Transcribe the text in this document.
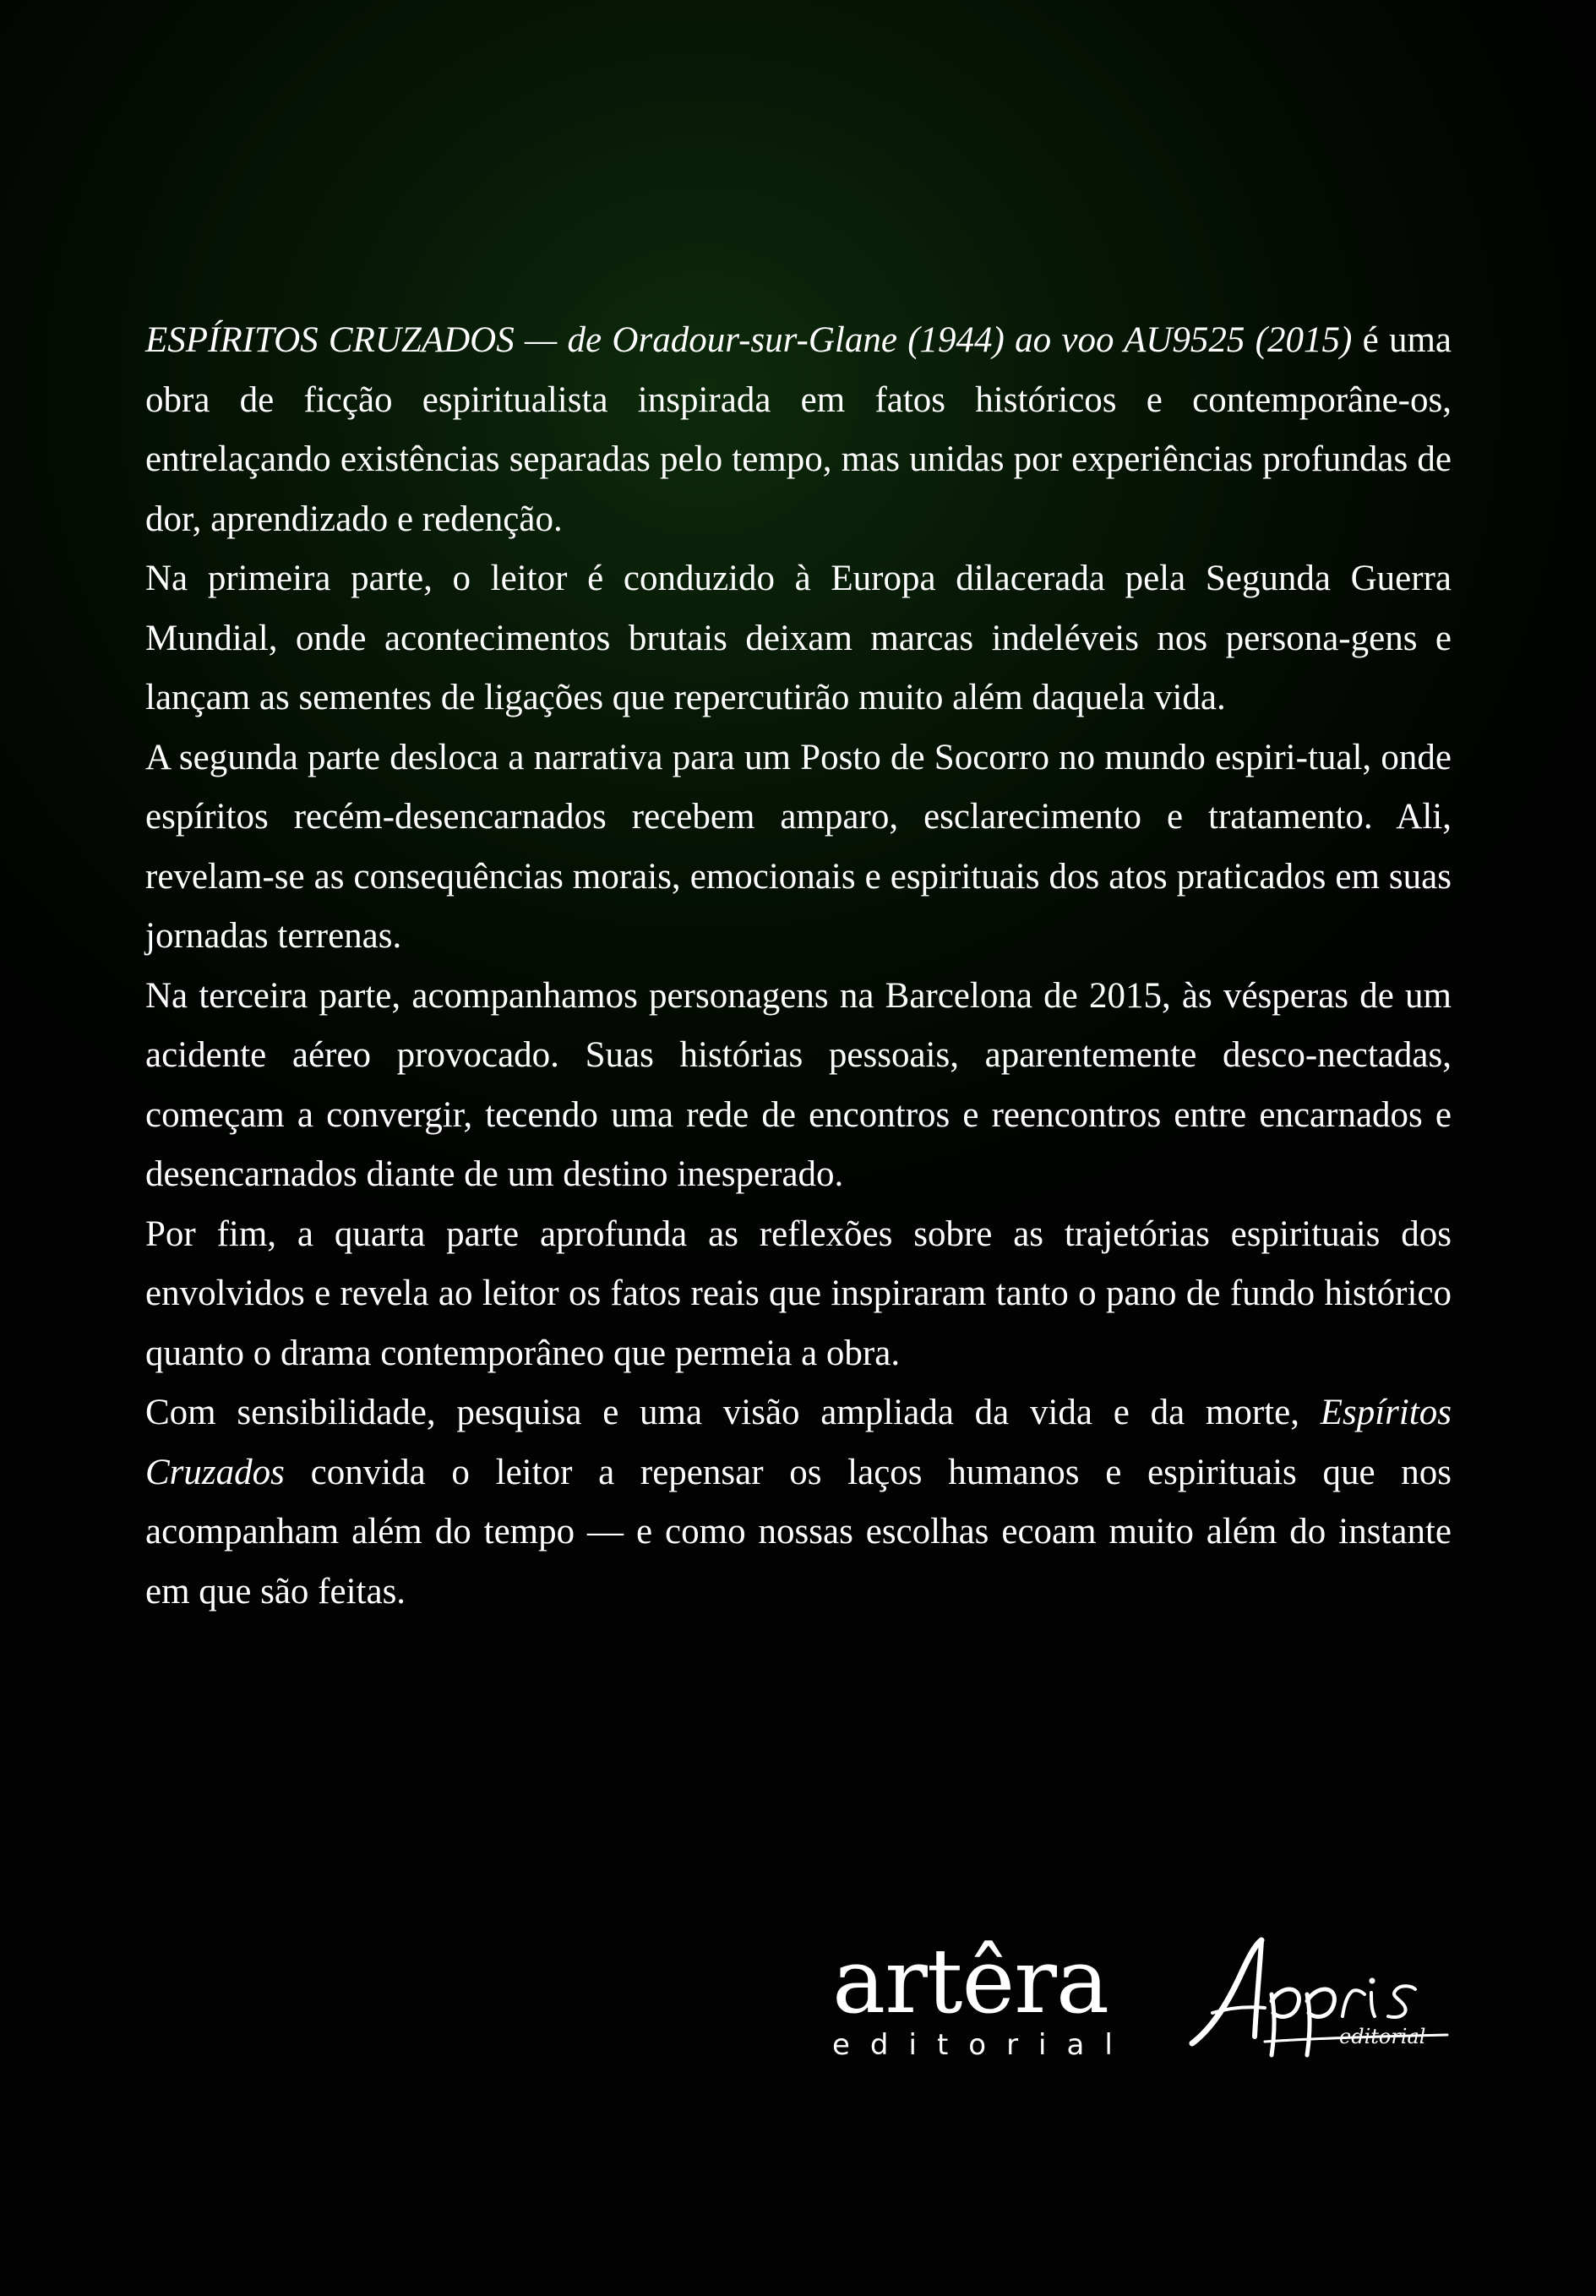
ESPÍRITOS CRUZADOS — de Oradour-sur-Glane (1944) ao voo AU9525 (2015) é uma obra de ficção espiritualista inspirada em fatos históricos e contemporâne-os, entrelaçando existências separadas pelo tempo, mas unidas por experiências profundas de dor, aprendizado e redenção.

Na primeira parte, o leitor é conduzido à Europa dilacerada pela Segunda Guerra Mundial, onde acontecimentos brutais deixam marcas indeléveis nos persona-gens e lançam as sementes de ligações que repercutirão muito além daquela vida.

A segunda parte desloca a narrativa para um Posto de Socorro no mundo espiri-tual, onde espíritos recém-desencarnados recebem amparo, esclarecimento e tratamento. Ali, revelam-se as consequências morais, emocionais e espirituais dos atos praticados em suas jornadas terrenas.

Na terceira parte, acompanhamos personagens na Barcelona de 2015, às vésperas de um acidente aéreo provocado. Suas histórias pessoais, aparentemente desco-nectadas, começam a convergir, tecendo uma rede de encontros e reencontros entre encarnados e desencarnados diante de um destino inesperado.

Por fim, a quarta parte aprofunda as reflexões sobre as trajetórias espirituais dos envolvidos e revela ao leitor os fatos reais que inspiraram tanto o pano de fundo histórico quanto o drama contemporâneo que permeia a obra.

Com sensibilidade, pesquisa e uma visão ampliada da vida e da morte, Espíritos Cruzados convida o leitor a repensar os laços humanos e espirituais que nos acompanham além do tempo — e como nossas escolhas ecoam muito além do instante em que são feitas.

artêra
editorial	editorial
